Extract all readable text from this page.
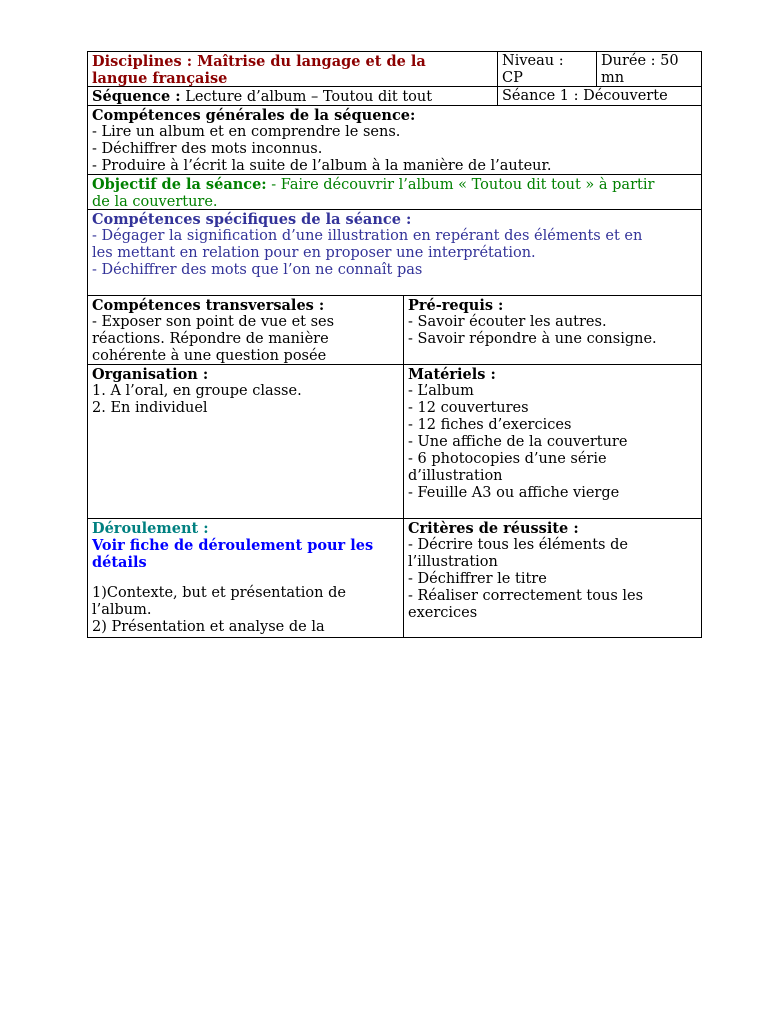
Disciplines : Maîtrise du langage et de la
langue française
Niveau :
CP
Durée : 50
mn
Séquence : Lecture d’album – Toutou dit tout	Séance 1 : Découverte
Compétences générales de la séquence:
- Lire un album et en comprendre le sens.
- Déchiffrer des mots inconnus.
- Produire à l’écrit la suite de l’album à la manière de l’auteur.
Objectif de la séance: - Faire découvrir l’album « Toutou dit tout » à partir
de la couverture.
Compétences spécifiques de la séance :
- Dégager la signification d’une illustration en repérant des éléments et en
les mettant en relation pour en proposer une interprétation.
- Déchiffrer des mots que l’on ne connaît pas
Compétences transversales :
- Exposer son point de vue et ses
réactions. Répondre de manière
cohérente à une question posée
Pré-requis :
- Savoir écouter les autres.
- Savoir répondre à une consigne.
Organisation :
1. A l’oral, en groupe classe.
2. En individuel
Matériels :
- L’album
- 12 couvertures
- 12 fiches d’exercices
- Une affiche de la couverture
- 6 photocopies d’une série
d’illustration
- Feuille A3 ou affiche vierge
Déroulement :
Voir fiche de déroulement pour les
détails
1)Contexte, but et présentation de
l’album.
2) Présentation et analyse de la
Critères de réussite :
- Décrire tous les éléments de
l’illustration
- Déchiffrer le titre
- Réaliser correctement tous les
exercices
